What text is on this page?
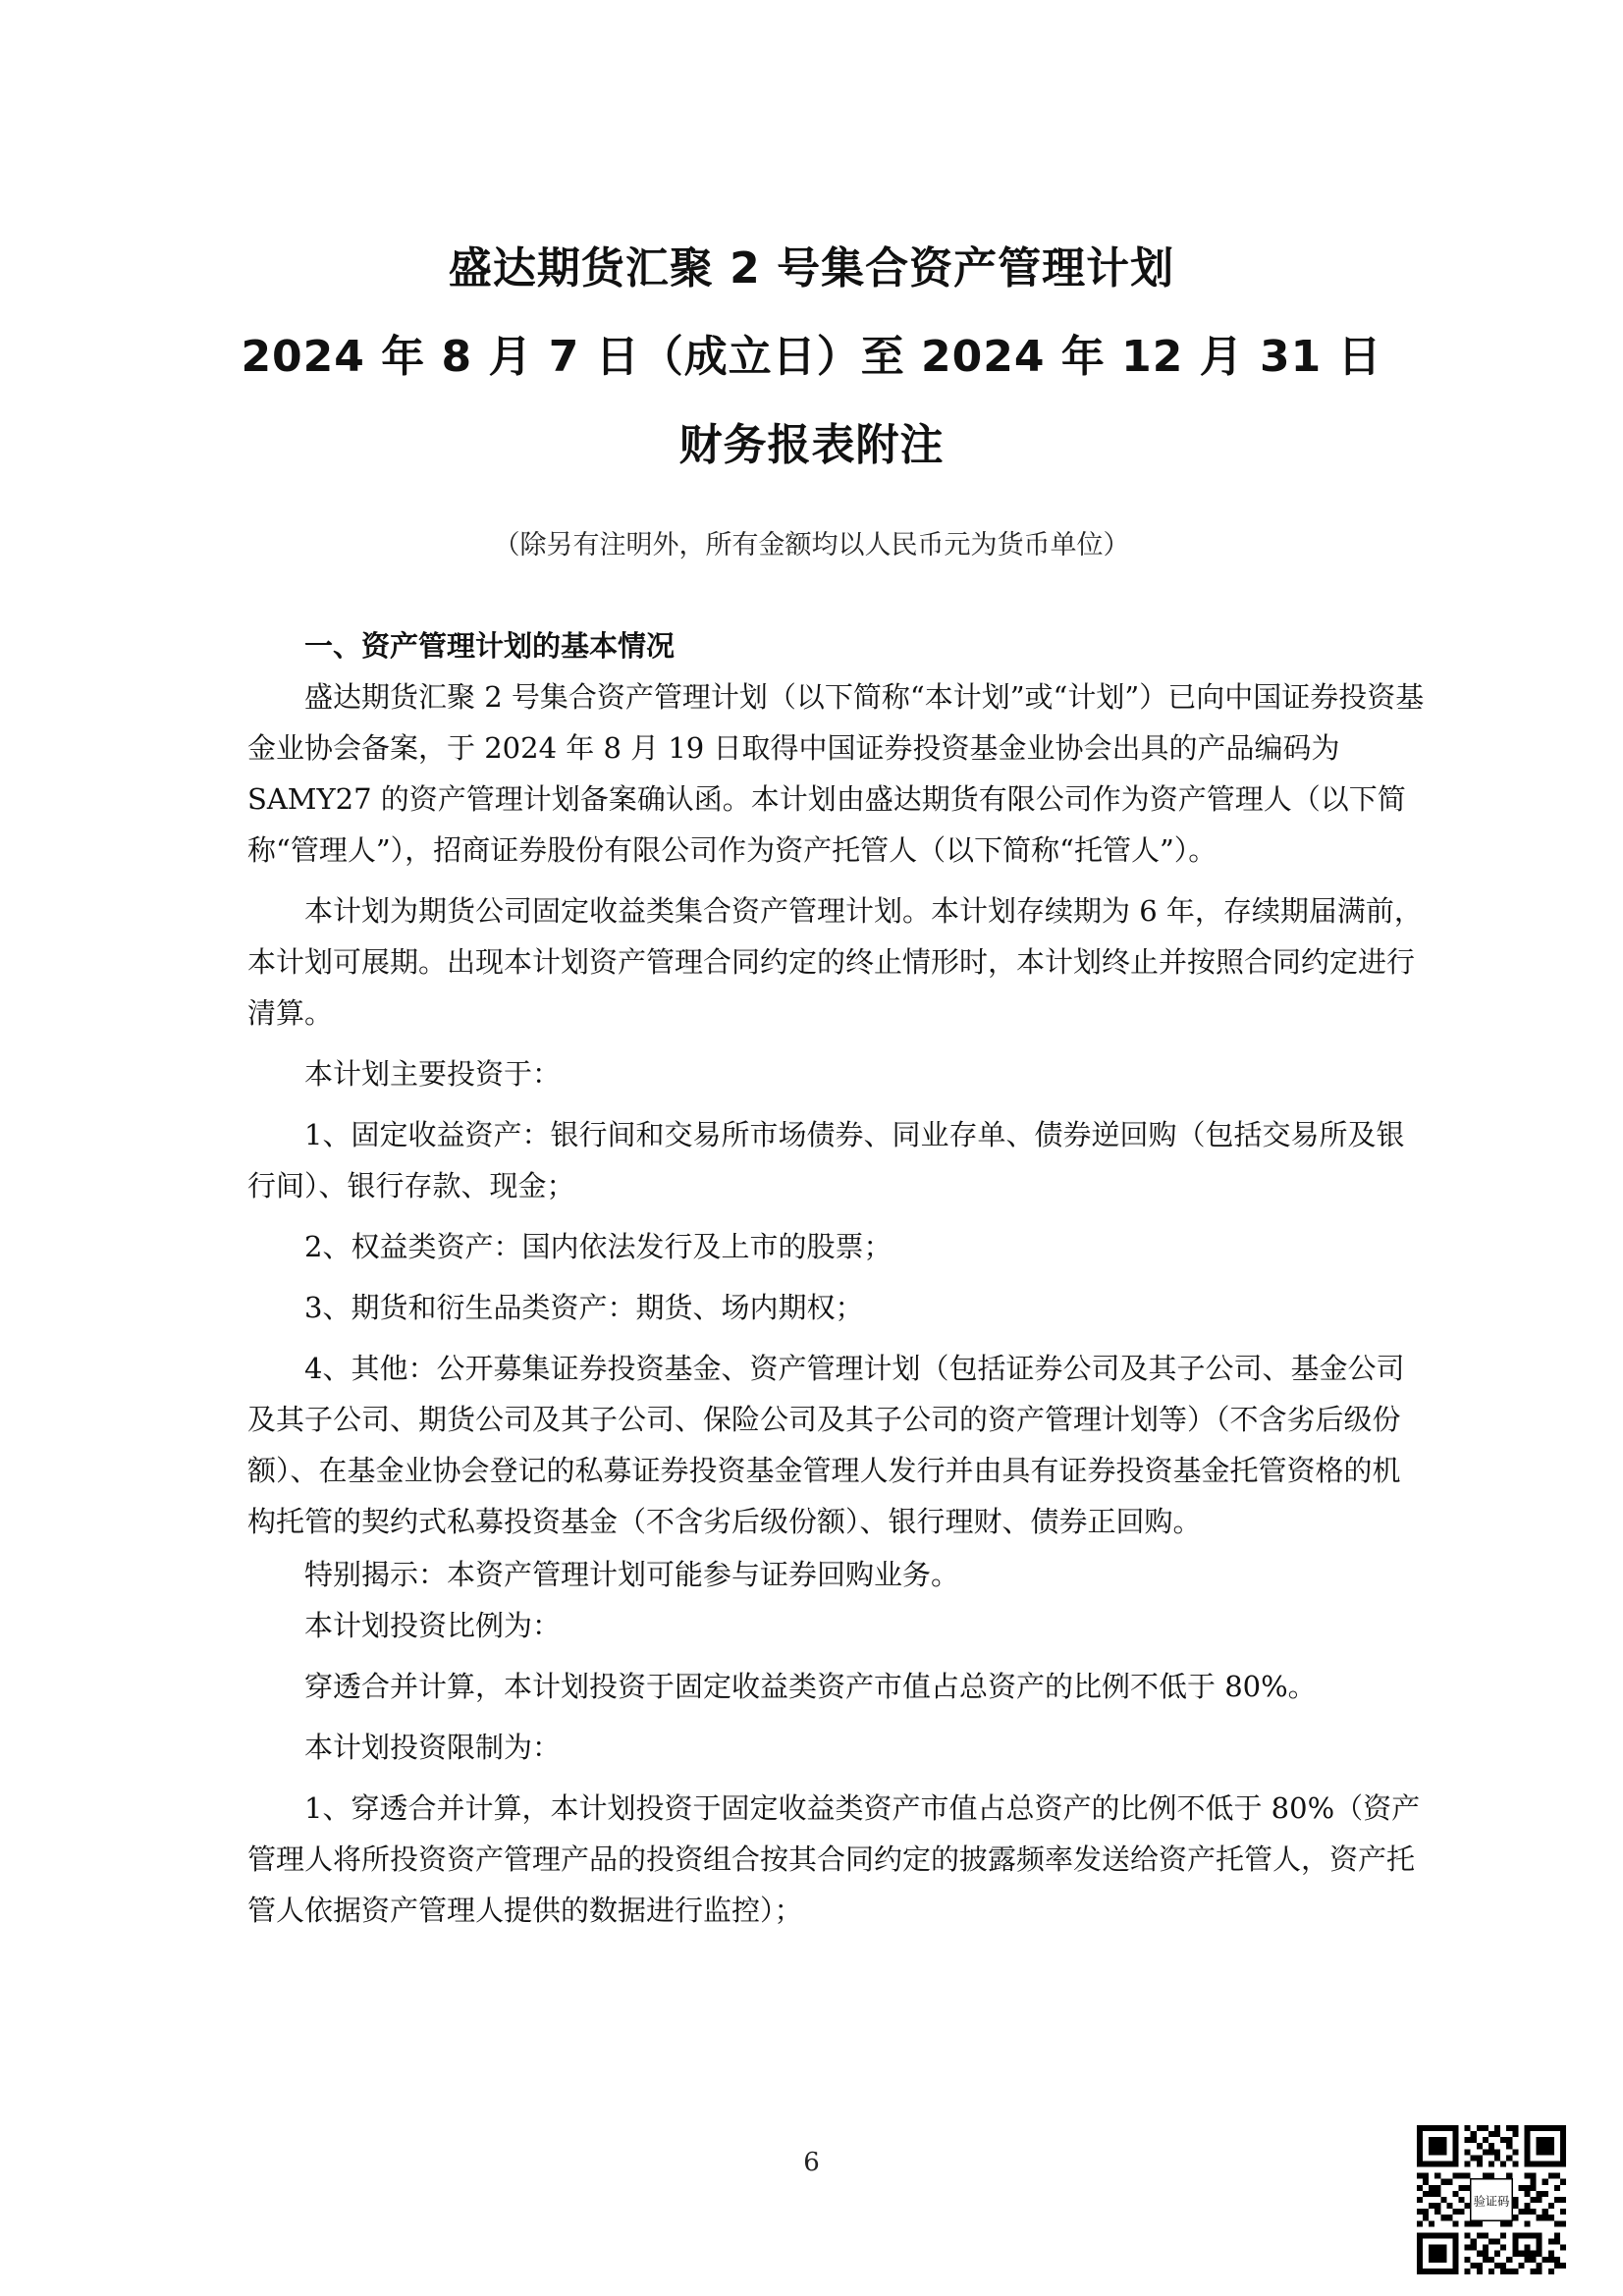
盛达期货汇聚 2 号集合资产管理计划
2024 年 8 月 7 日（成立日）至 2024 年 12 月 31 日
财务报表附注
（除另有注明外，所有金额均以人民币元为货币单位）
一、资产管理计划的基本情况
盛达期货汇聚 2 号集合资产管理计划（以下简称“本计划”或“计划”）已向中国证券投资基金业协会备案，于 2024 年 8 月 19 日取得中国证券投资基金业协会出具的产品编码为 SAMY27 的资产管理计划备案确认函。本计划由盛达期货有限公司作为资产管理人（以下简称“管理人”），招商证券股份有限公司作为资产托管人（以下简称“托管人”）。
本计划为期货公司固定收益类集合资产管理计划。本计划存续期为 6 年，存续期届满前，本计划可展期。出现本计划资产管理合同约定的终止情形时，本计划终止并按照合同约定进行清算。
本计划主要投资于：
1、固定收益资产：银行间和交易所市场债券、同业存单、债券逆回购（包括交易所及银行间）、银行存款、现金；
2、权益类资产：国内依法发行及上市的股票；
3、期货和衍生品类资产：期货、场内期权；
4、其他：公开募集证券投资基金、资产管理计划（包括证券公司及其子公司、基金公司及其子公司、期货公司及其子公司、保险公司及其子公司的资产管理计划等）（不含劣后级份额）、在基金业协会登记的私募证券投资基金管理人发行并由具有证券投资基金托管资格的机构托管的契约式私募投资基金（不含劣后级份额）、银行理财、债券正回购。
特别揭示：本资产管理计划可能参与证券回购业务。
本计划投资比例为：
穿透合并计算，本计划投资于固定收益类资产市值占总资产的比例不低于 80%。
本计划投资限制为：
1、穿透合并计算，本计划投资于固定收益类资产市值占总资产的比例不低于 80%（资产管理人将所投资资产管理产品的投资组合按其合同约定的披露频率发送给资产托管人，资产托管人依据资产管理人提供的数据进行监控）；
6
验证码
